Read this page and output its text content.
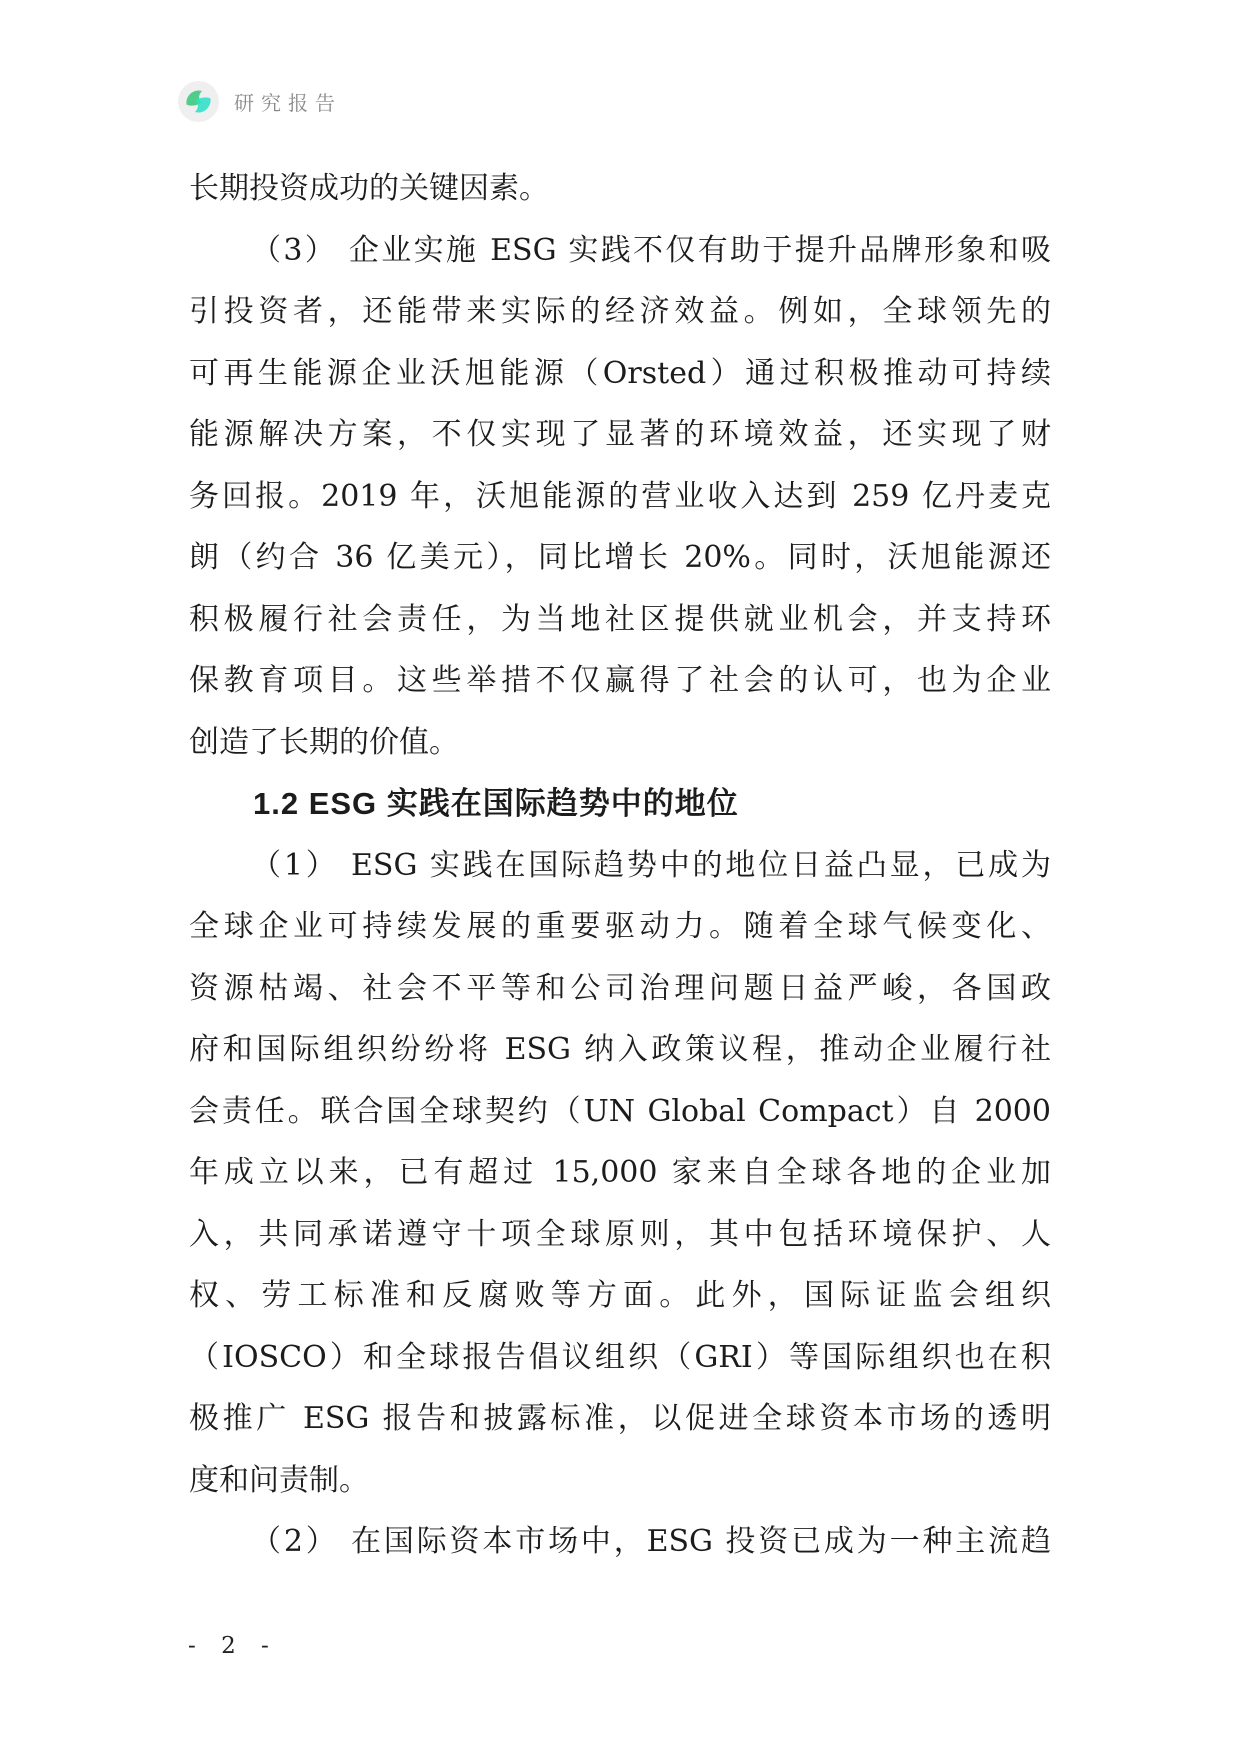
研究报告
长期投资成功的关键因素。
（3） 企业实施 ESG 实践不仅有助于提升品牌形象和吸
引投资者，还能带来实际的经济效益。例如，全球领先的
可再生能源企业沃旭能源（Orsted）通过积极推动可持续
能源解决方案，不仅实现了显著的环境效益，还实现了财
务回报。2019 年，沃旭能源的营业收入达到 259 亿丹麦克
朗（约合 36 亿美元），同比增长 20%。同时，沃旭能源还
积极履行社会责任，为当地社区提供就业机会，并支持环
保教育项目。这些举措不仅赢得了社会的认可，也为企业
创造了长期的价值。
1.2 ESG 实践在国际趋势中的地位
（1） ESG 实践在国际趋势中的地位日益凸显，已成为
全球企业可持续发展的重要驱动力。随着全球气候变化、
资源枯竭、社会不平等和公司治理问题日益严峻，各国政
府和国际组织纷纷将 ESG 纳入政策议程，推动企业履行社
会责任。联合国全球契约（UN Global Compact）自 2000
年成立以来，已有超过 15,000 家来自全球各地的企业加
入，共同承诺遵守十项全球原则，其中包括环境保护、人
权、劳工标准和反腐败等方面。此外，国际证监会组织
（IOSCO）和全球报告倡议组织（GRI）等国际组织也在积
极推广 ESG 报告和披露标准，以促进全球资本市场的透明
度和问责制。
（2） 在国际资本市场中，ESG 投资已成为一种主流趋
- 2 -
